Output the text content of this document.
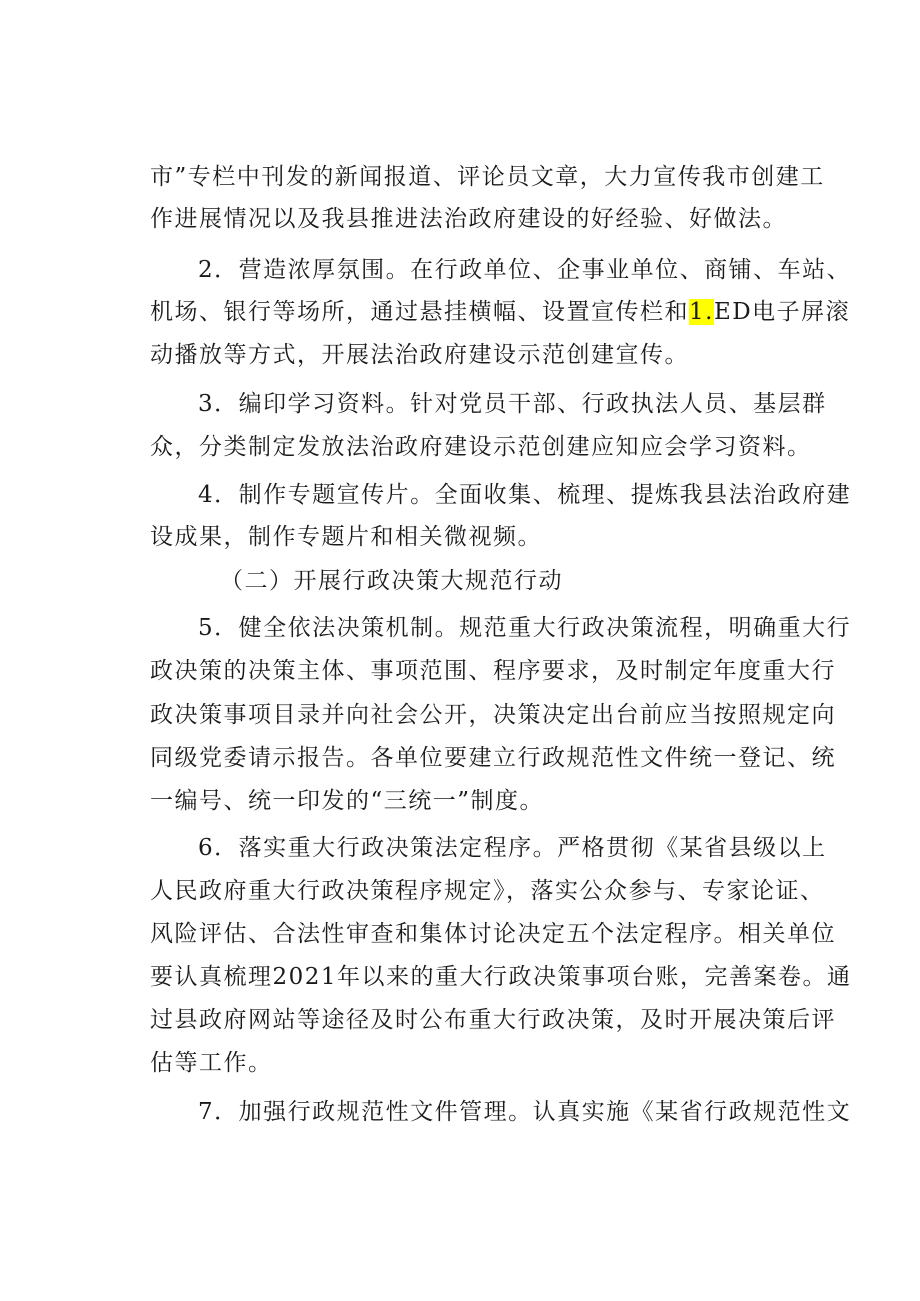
市”专栏中刊发的新闻报道、评论员文章，大力宣传我市创建工
作进展情况以及我县推进法治政府建设的好经验、好做法。
2．营造浓厚氛围。在行政单位、企事业单位、商铺、车站、
机场、银行等场所，通过悬挂横幅、设置宣传栏和1.ED电子屏滚
动播放等方式，开展法治政府建设示范创建宣传。
3．编印学习资料。针对党员干部、行政执法人员、基层群
众，分类制定发放法治政府建设示范创建应知应会学习资料。
4．制作专题宣传片。全面收集、梳理、提炼我县法治政府建
设成果，制作专题片和相关微视频。
（二）开展行政决策大规范行动
5．健全依法决策机制。规范重大行政决策流程，明确重大行
政决策的决策主体、事项范围、程序要求，及时制定年度重大行
政决策事项目录并向社会公开，决策决定出台前应当按照规定向
同级党委请示报告。各单位要建立行政规范性文件统一登记、统
一编号、统一印发的“三统一”制度。
6．落实重大行政决策法定程序。严格贯彻《某省县级以上
人民政府重大行政决策程序规定》，落实公众参与、专家论证、
风险评估、合法性审查和集体讨论决定五个法定程序。相关单位
要认真梳理2021年以来的重大行政决策事项台账，完善案卷。通
过县政府网站等途径及时公布重大行政决策，及时开展决策后评
估等工作。
7．加强行政规范性文件管理。认真实施《某省行政规范性文
